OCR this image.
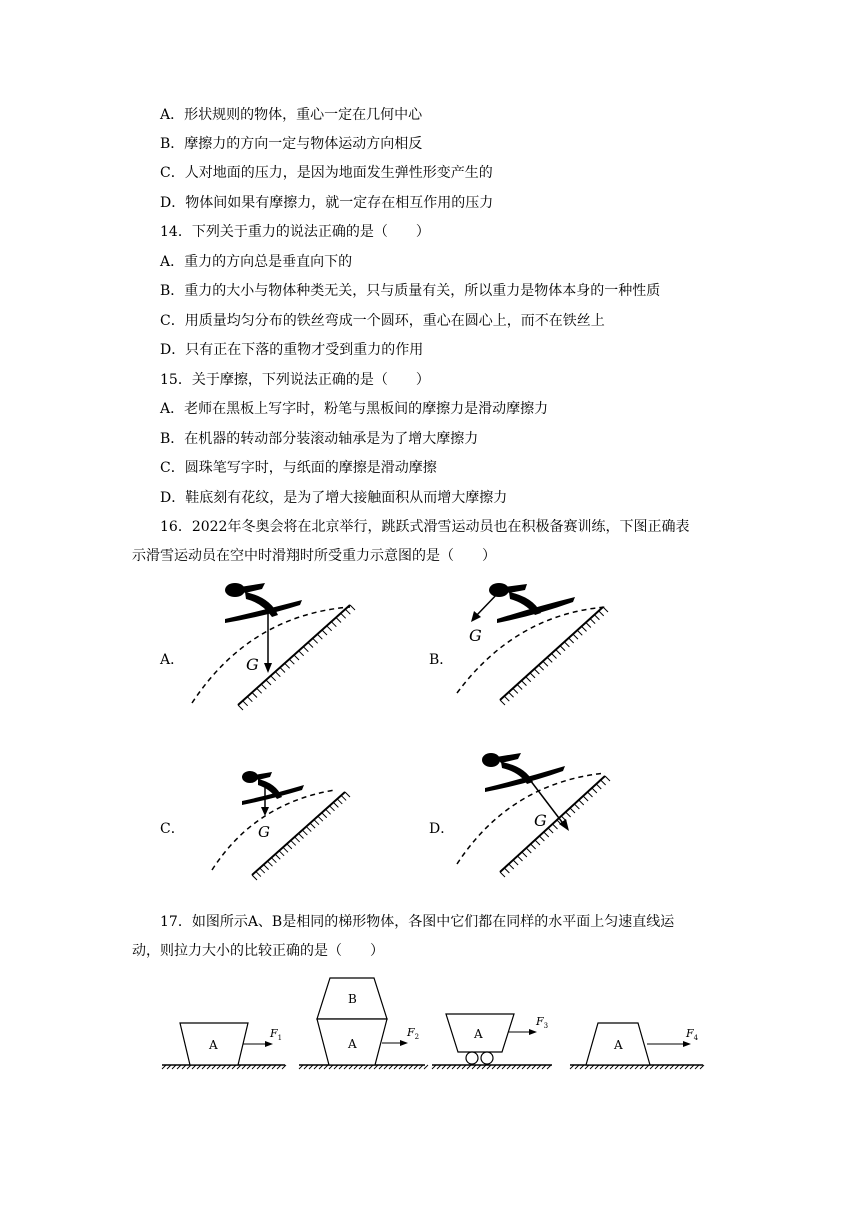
A．形状规则的物体，重心一定在几何中心
B．摩擦力的方向一定与物体运动方向相反
C．人对地面的压力，是因为地面发生弹性形变产生的
D．物体间如果有摩擦力，就一定存在相互作用的压力
14．下列关于重力的说法正确的是（　　）
A．重力的方向总是垂直向下的
B．重力的大小与物体种类无关，只与质量有关，所以重力是物体本身的一种性质
C．用质量均匀分布的铁丝弯成一个圆环，重心在圆心上，而不在铁丝上
D．只有正在下落的重物才受到重力的作用
15．关于摩擦，下列说法正确的是（　　）
A．老师在黑板上写字时，粉笔与黑板间的摩擦力是滑动摩擦力
B．在机器的转动部分装滚动轴承是为了增大摩擦力
C．圆珠笔写字时，与纸面的摩擦是滑动摩擦
D．鞋底刻有花纹，是为了增大接触面积从而增大摩擦力
16．2022年冬奥会将在北京举行，跳跃式滑雪运动员也在积极备赛训练，下图正确表示滑雪运动员在空中时滑翔时所受重力示意图的是（　　）
A．	B．
C．	D．
G
G
G
G
17．如图所示A、B是相同的梯形物体，各图中它们都在同样的水平面上匀速直线运动，则拉力大小的比较正确的是（　　）
A
$F_1$
B
A
$F_2$	A
$F_3$
A
$F_4$
